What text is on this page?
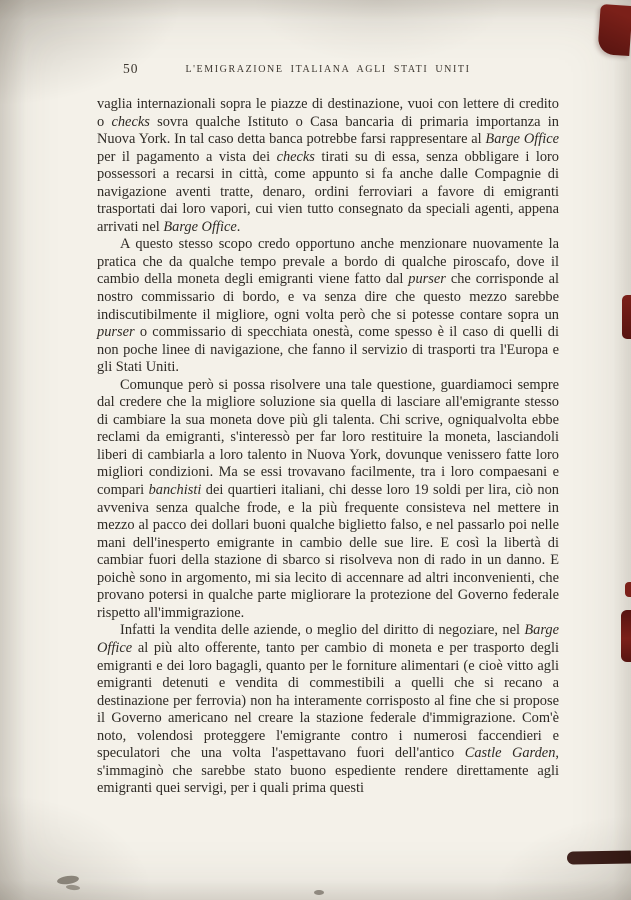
50	L'EMIGRAZIONE ITALIANA AGLI STATI UNITI

vaglia internazionali sopra le piazze di destinazione, vuoi con lettere di credito o checks sovra qualche Istituto o Casa bancaria di primaria importanza in Nuova York. In tal caso detta banca potrebbe farsi rappresentare al Barge Office per il pagamento a vista dei checks tirati su di essa, senza obbligare i loro possessori a recarsi in città, come appunto si fa anche dalle Compagnie di navigazione aventi tratte, denaro, ordini ferroviari a favore di emigranti trasportati dai loro vapori, cui vien tutto consegnato da speciali agenti, appena arrivati nel Barge Office.

A questo stesso scopo credo opportuno anche menzionare nuovamente la pratica che da qualche tempo prevale a bordo di qualche piroscafo, dove il cambio della moneta degli emigranti viene fatto dal purser che corrisponde al nostro commissario di bordo, e va senza dire che questo mezzo sarebbe indiscutibilmente il migliore, ogni volta però che si potesse contare sopra un purser o commissario di specchiata onestà, come spesso è il caso di quelli di non poche linee di navigazione, che fanno il servizio di trasporti tra l'Europa e gli Stati Uniti.

Comunque però si possa risolvere una tale questione, guardiamoci sempre dal credere che la migliore soluzione sia quella di lasciare all'emigrante stesso di cambiare la sua moneta dove più gli talenta. Chi scrive, ogniqualvolta ebbe reclami da emigranti, s'interessò per far loro restituire la moneta, lasciandoli liberi di cambiarla a loro talento in Nuova York, dovunque venissero fatte loro migliori condizioni. Ma se essi trovavano facilmente, tra i loro compaesani e compari banchisti dei quartieri italiani, chi desse loro 19 soldi per lira, ciò non avveniva senza qualche frode, e la più frequente consisteva nel mettere in mezzo al pacco dei dollari buoni qualche biglietto falso, e nel passarlo poi nelle mani dell'inesperto emigrante in cambio delle sue lire. E così la libertà di cambiar fuori della stazione di sbarco si risolveva non di rado in un danno. E poichè sono in argomento, mi sia lecito di accennare ad altri inconvenienti, che provano potersi in qualche parte migliorare la protezione del Governo federale rispetto all'immigrazione.

Infatti la vendita delle aziende, o meglio del diritto di negoziare, nel Barge Office al più alto offerente, tanto per cambio di moneta e per trasporto degli emigranti e dei loro bagagli, quanto per le forniture alimentari (e cioè vitto agli emigranti detenuti e vendita di commestibili a quelli che si recano a destinazione per ferrovia) non ha interamente corrisposto al fine che si propose il Governo americano nel creare la stazione federale d'immigrazione. Com'è noto, volendosi proteggere l'emigrante contro i numerosi faccendieri e speculatori che una volta l'aspettavano fuori dell'antico Castle Garden, s'immaginò che sarebbe stato buono espediente rendere direttamente agli emigranti quei servigi, per i quali prima questi
